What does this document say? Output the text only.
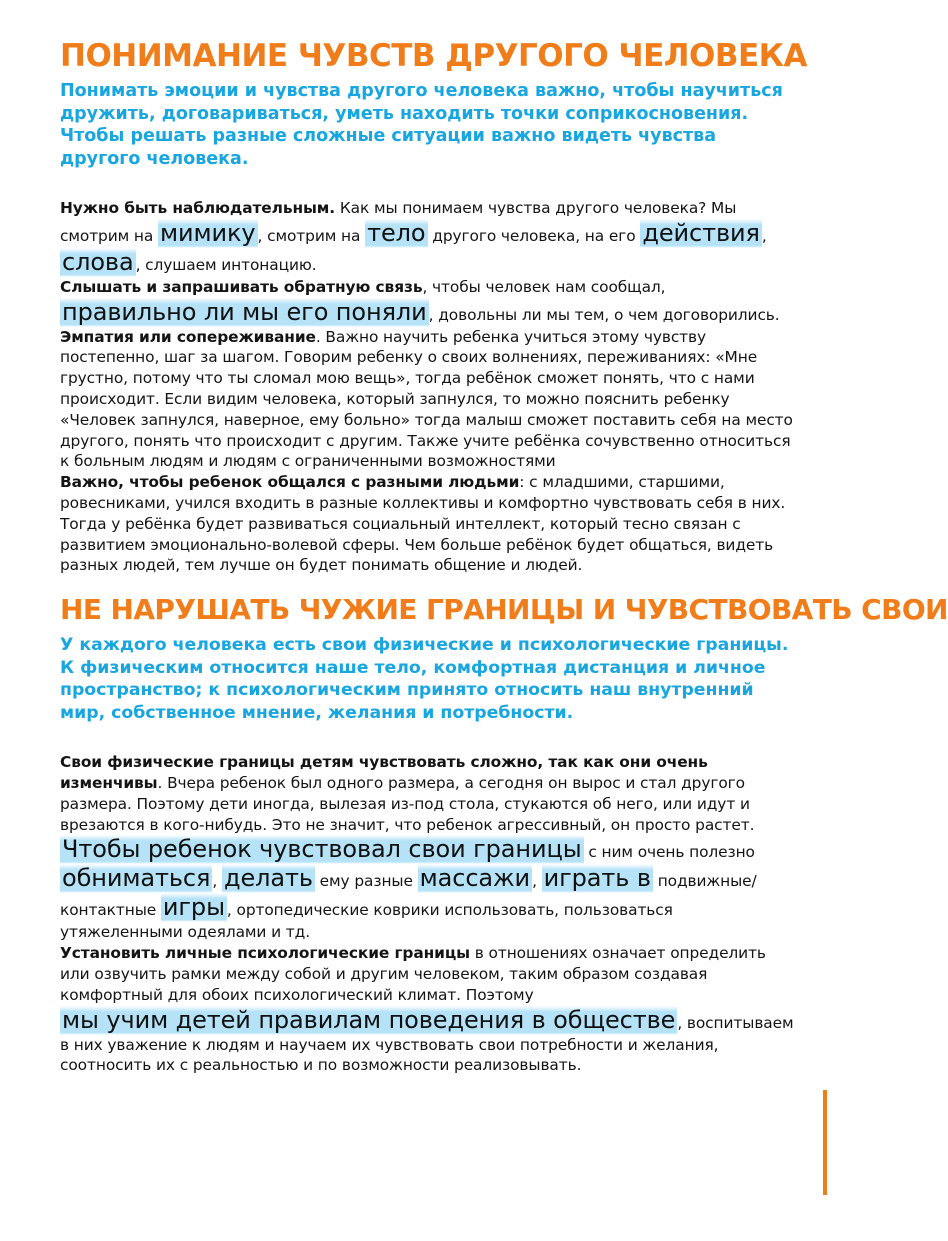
ПОНИМАНИЕ ЧУВСТВ ДРУГОГО ЧЕЛОВЕКА
Понимать эмоции и чувства другого человека важно, чтобы научиться дружить, договариваться, уметь находить точки соприкосновения. Чтобы решать разные сложные ситуации важно видеть чувства другого человека.

Нужно быть наблюдательным. Как мы понимаем чувства другого человека? Мы смотрим на мимику , смотрим на тело другого человека, на его действия , слова , слушаем интонацию.

Слышать и запрашивать обратную связь, чтобы человек нам сообщал, правильно ли мы его поняли , довольны ли мы тем, о чем договорились.

Эмпатия или сопереживание. Важно научить ребенка учиться этому чувству постепенно, шаг за шагом. Говорим ребенку о своих волнениях, переживаниях: «Мне грустно, потому что ты сломал мою вещь», тогда ребёнок сможет понять, что с нами происходит. Если видим человека, который запнулся, то можно пояснить ребенку «Человек запнулся, наверное, ему больно» тогда малыш сможет поставить себя на место другого, понять что происходит с другим. Также учите ребёнка сочувственно относиться к больным людям и людям с ограниченными возможностями

Важно, чтобы ребенок общался с разными людьми: с младшими, старшими, ровесниками, учился входить в разные коллективы и комфортно чувствовать себя в них. Тогда у ребёнка будет развиваться социальный интеллект, который тесно связан с развитием эмоционально-волевой сферы. Чем больше ребёнок будет общаться, видеть разных людей, тем лучше он будет понимать общение и людей.

НЕ НАРУШАТЬ ЧУЖИЕ ГРАНИЦЫ И ЧУВСТВОВАТЬ СВОИ
У каждого человека есть свои физические и психологические границы. К физическим относится наше тело, комфортная дистанция и личное пространство; к психологическим принято относить наш внутренний мир, собственное мнение, желания и потребности.

Свои физические границы детям чувствовать сложно, так как они очень изменчивы. Вчера ребенок был одного размера, а сегодня он вырос и стал другого размера. Поэтому дети иногда, вылезая из-под стола, стукаются об него, или идут и врезаются в кого-нибудь. Это не значит, что ребенок агрессивный, он просто растет. Чтобы ребенок чувствовал свои границы с ним очень полезно обниматься , делать ему разные массажи , играть в подвижные/контактные игры , ортопедические коврики использовать, пользоваться утяжеленными одеялами и тд.

Установить личные психологические границы в отношениях означает определить или озвучить рамки между собой и другим человеком, таким образом создавая комфортный для обоих психологический климат. Поэтому мы учим детей правилам поведения в обществе , воспитываем в них уважение к людям и научаем их чувствовать свои потребности и желания, соотносить их с реальностью и по возможности реализовывать.
